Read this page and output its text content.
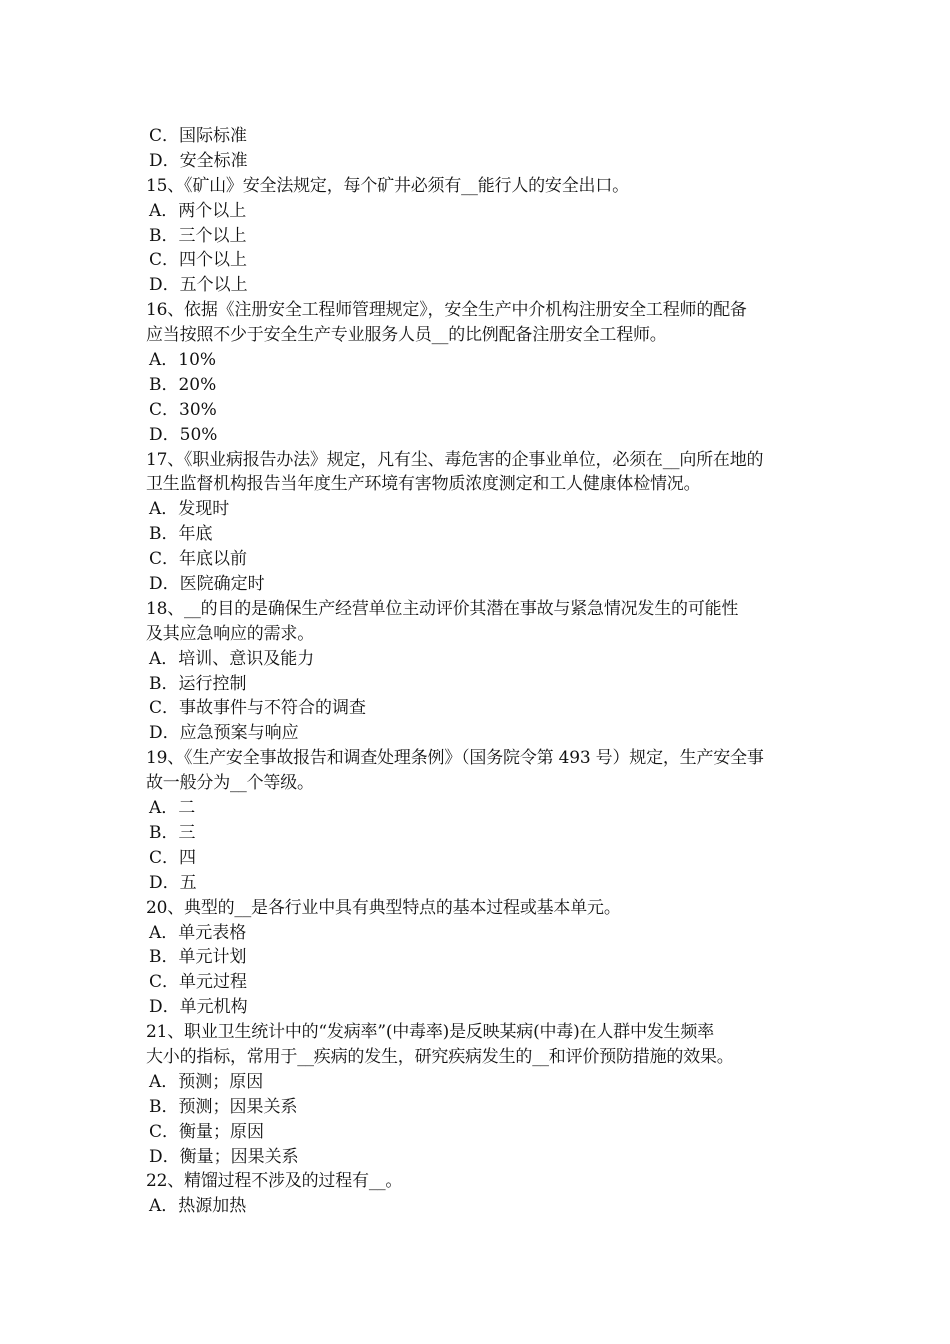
C．国际标准
D．安全标准
15、《矿山》安全法规定，每个矿井必须有__能行人的安全出口。
A．两个以上
B．三个以上
C．四个以上
D．五个以上
16、依据《注册安全工程师管理规定》，安全生产中介机构注册安全工程师的配备
应当按照不少于安全生产专业服务人员__的比例配备注册安全工程师。
A．10%
B．20%
C．30%
D．50%
17、《职业病报告办法》规定，凡有尘、毒危害的企事业单位，必须在__向所在地的
卫生监督机构报告当年度生产环境有害物质浓度测定和工人健康体检情况。
A．发现时
B．年底
C．年底以前
D．医院确定时
18、__的目的是确保生产经营单位主动评价其潜在事故与紧急情况发生的可能性
及其应急响应的需求。
A．培训、意识及能力
B．运行控制
C．事故事件与不符合的调查
D．应急预案与响应
19、《生产安全事故报告和调查处理条例》（国务院令第 493 号）规定，生产安全事
故一般分为__个等级。
A．二
B．三
C．四
D．五
20、典型的__是各行业中具有典型特点的基本过程或基本单元。
A．单元表格
B．单元计划
C．单元过程
D．单元机构
21、职业卫生统计中的“发病率”(中毒率)是反映某病(中毒)在人群中发生频率
大小的指标，常用于__疾病的发生，研究疾病发生的__和评价预防措施的效果。
A．预测；原因
B．预测；因果关系
C．衡量；原因
D．衡量；因果关系
22、精馏过程不涉及的过程有__。
A．热源加热
